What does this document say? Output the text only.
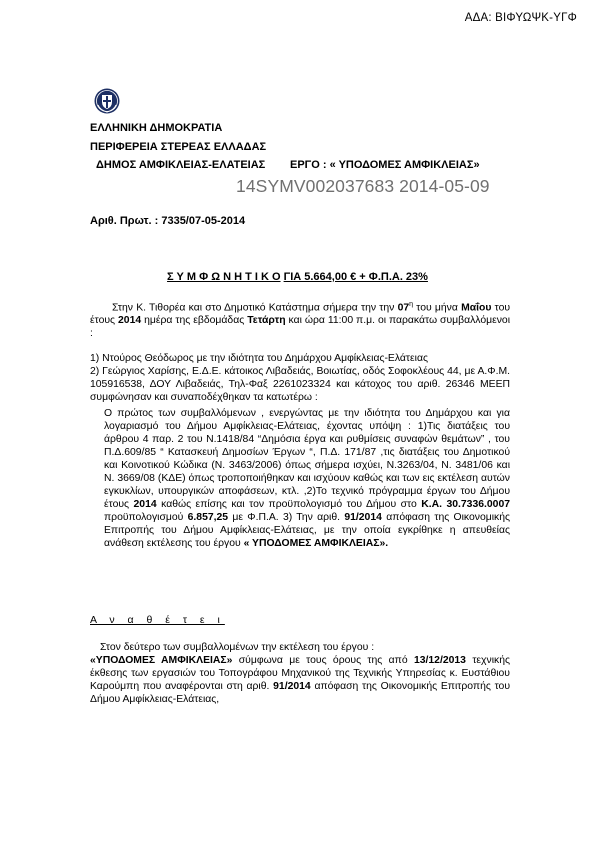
ΑΔΑ: ΒΙΦΥΩΨΚ-ΥΓΦ
ΕΛΛΗΝΙΚΗ ΔΗΜΟΚΡΑΤΙΑ
ΠΕΡΙΦΕΡΕΙΑ ΣΤΕΡΕΑΣ ΕΛΛΑΔΑΣ
ΔΗΜΟΣ ΑΜΦΙΚΛΕΙΑΣ-ΕΛΑΤΕΙΑΣ ΕΡΓΟ : « ΥΠΟΔΟΜΕΣ ΑΜΦΙΚΛΕΙΑΣ»
14SYMV002037683 2014-05-09
Αριθ. Πρωτ. : 7335/07-05-2014
Σ Υ Μ Φ Ω Ν Η Τ Ι Κ Ο ΓΙΑ 5.664,00 € + Φ.Π.Α. 23%
Στην Κ. Τιθορέα και στο Δημοτικό Κατάστημα σήμερα την την $07^\eta$ του μήνα Μαΐου του έτους 2014 ημέρα της εβδομάδας Τετάρτη και ώρα 11:00 π.μ. οι παρακάτω συμβαλλόμενοι :
1) Ντούρος Θεόδωρος με την ιδιότητα του Δημάρχου Αμφίκλειας-Ελάτειας
2) Γεώργιος Χαρίσης, Ε.Δ.Ε. κάτοικος Λιβαδειάς, Βοιωτίας, οδός Σοφοκλέους 44, με Α.Φ.Μ. 105916538, ΔΟΥ Λιβαδειάς, Τηλ-Φαξ 2261023324 και κάτοχος του αριθ. 26346 ΜΕΕΠ συμφώνησαν και συναποδέχθηκαν τα κατωτέρω :
Ο πρώτος των συμβαλλόμενων , ενεργώντας με την ιδιότητα του Δημάρχου και για λογαριασμό του Δήμου Αμφίκλειας-Ελάτειας, έχοντας υπόψη : 1)Τις διατάξεις του άρθρου 4 παρ. 2 του Ν.1418/84 “Δημόσια έργα και ρυθμίσεις συναφών θεμάτων” , του Π.Δ.609/85 “ Κατασκευή Δημοσίων Έργων “, Π.Δ. 171/87 ,τις διατάξεις του Δημοτικού και Κοινοτικού Κώδικα (Ν. 3463/2006) όπως σήμερα ισχύει, Ν.3263/04, Ν. 3481/06 και Ν. 3669/08 (ΚΔΕ) όπως τροποποιήθηκαν και ισχύουν καθώς και των εις εκτέλεση αυτών εγκυκλίων, υπουργικών αποφάσεων, κτλ. ,2)Το τεχνικό πρόγραμμα έργων του Δήμου έτους 2014 καθώς επίσης και τον προϋπολογισμό του Δήμου στο Κ.Α. 30.7336.0007 προϋπολογισμού 6.857,25 με Φ.Π.Α. 3) Την αριθ. 91/2014 απόφαση της Οικονομικής Επιτροπής του Δήμου Αμφίκλειας-Ελάτειας, με την οποία εγκρίθηκε η απευθείας ανάθεση εκτέλεσης του έργου « ΥΠΟΔΟΜΕΣ ΑΜΦΙΚΛΕΙΑΣ».
Α ν α θ έ τ ε ι
Στον δεύτερο των συμβαλλομένων την εκτέλεση του έργου :
«ΥΠΟΔΟΜΕΣ ΑΜΦΙΚΛΕΙΑΣ» σύμφωνα με τους όρους της από 13/12/2013 τεχνικής έκθεσης των εργασιών του Τοπογράφου Μηχανικού της Τεχνικής Υπηρεσίας κ. Ευστάθιου Καρούμπη που αναφέρονται στη αριθ. 91/2014 απόφαση της Οικονομικής Επιτροπής του Δήμου Αμφίκλειας-Ελάτειας,
